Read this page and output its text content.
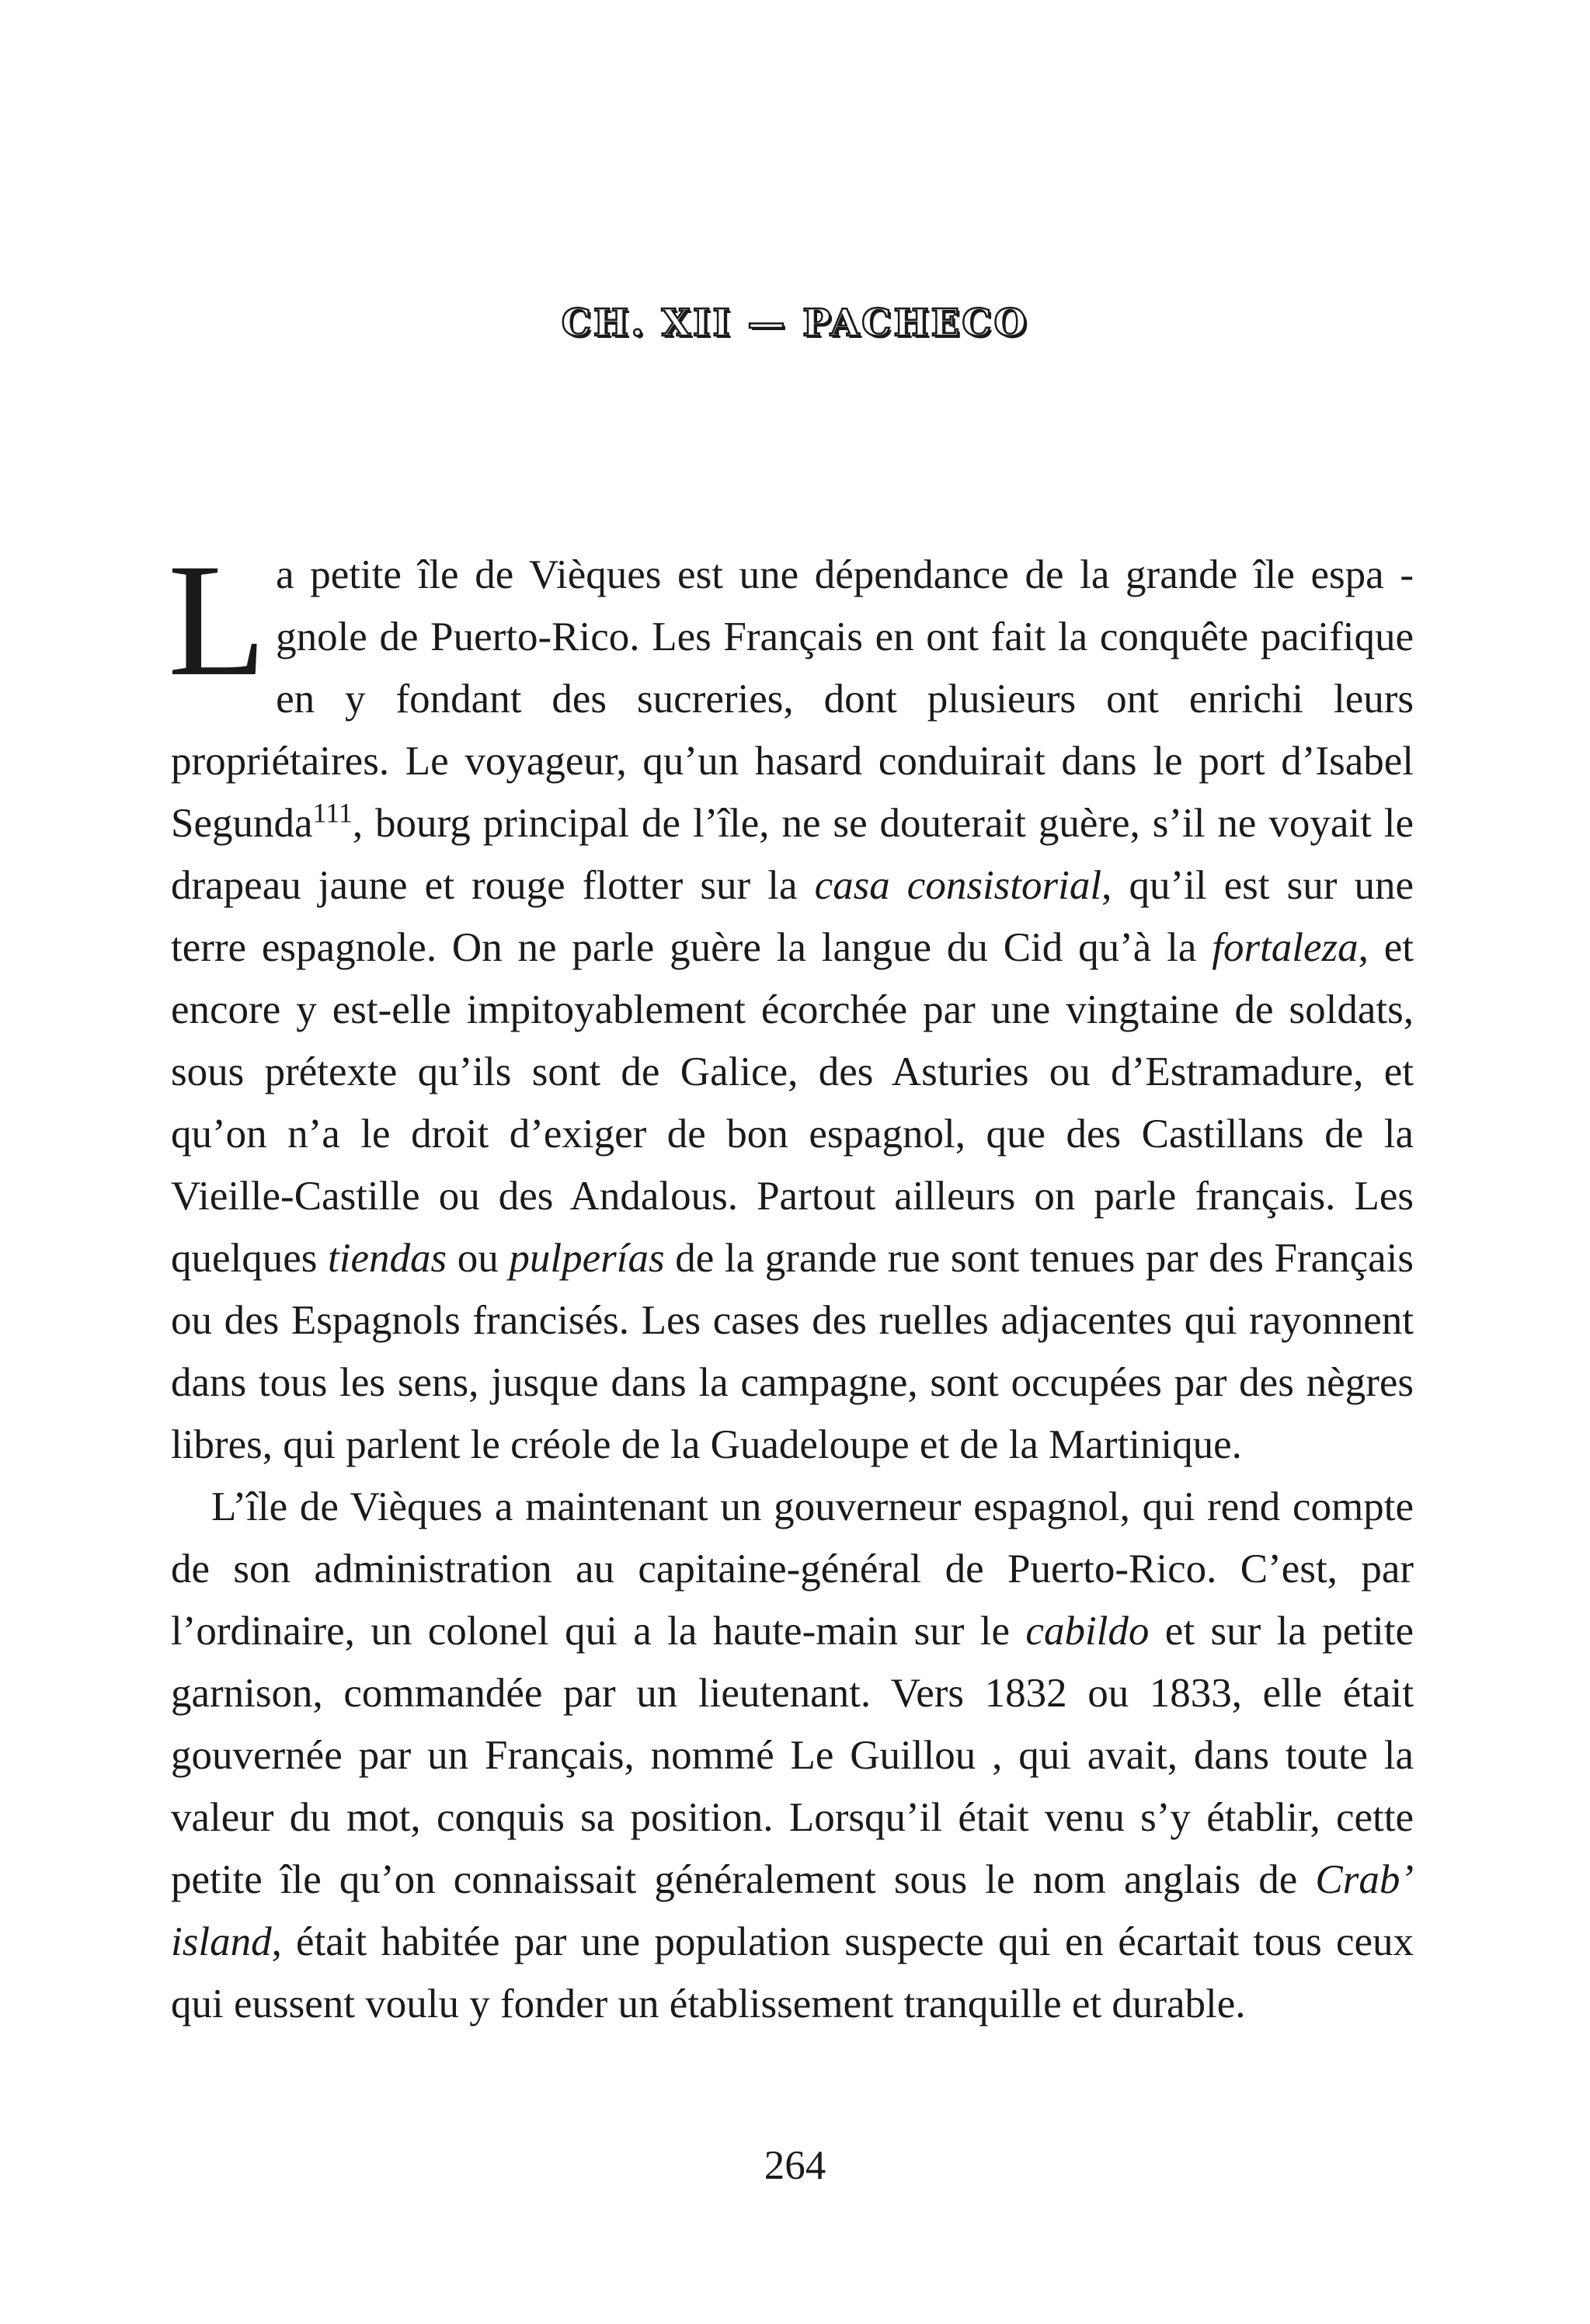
CH. XII — PACHECO

La petite île de Vièques est une dépendance de la grande île espa - gnole de Puerto-Rico. Les Français en ont fait la conquête pacifique en y fondant des sucreries, dont plusieurs ont enrichi leurs propriétaires. Le voyageur, qu’un hasard conduirait dans le port d’Isabel Segunda$^{111}$, bourg principal de l’île, ne se douterait guère, s’il ne voyait le drapeau jaune et rouge flotter sur la casa consistorial, qu’il est sur une terre espagnole. On ne parle guère la langue du Cid qu’à la fortaleza, et encore y est-elle impitoyablement écorchée par une vingtaine de soldats, sous prétexte qu’ils sont de Galice, des Asturies ou d’Estramadure, et qu’on n’a le droit d’exiger de bon espagnol, que des Castillans de la Vieille-Castille ou des Andalous. Partout ailleurs on parle français. Les quelques tiendas ou pulperías de la grande rue sont tenues par des Français ou des Espagnols francisés. Les cases des ruelles adjacentes qui rayonnent dans tous les sens, jusque dans la campagne, sont occupées par des nègres libres, qui parlent le créole de la Guadeloupe et de la Martinique.

L’île de Vièques a maintenant un gouverneur espagnol, qui rend compte de son administration au capitaine-général de Puerto-Rico. C’est, par l’ordinaire, un colonel qui a la haute-main sur le cabildo et sur la petite garnison, commandée par un lieutenant. Vers 1832 ou 1833, elle était gouvernée par un Français, nommé Le Guillou , qui avait, dans toute la valeur du mot, conquis sa position. Lorsqu’il était venu s’y établir, cette petite île qu’on connaissait généralement sous le nom anglais de Crab’ island, était habitée par une population suspecte qui en écartait tous ceux qui eussent voulu y fonder un établissement tranquille et durable.

264
